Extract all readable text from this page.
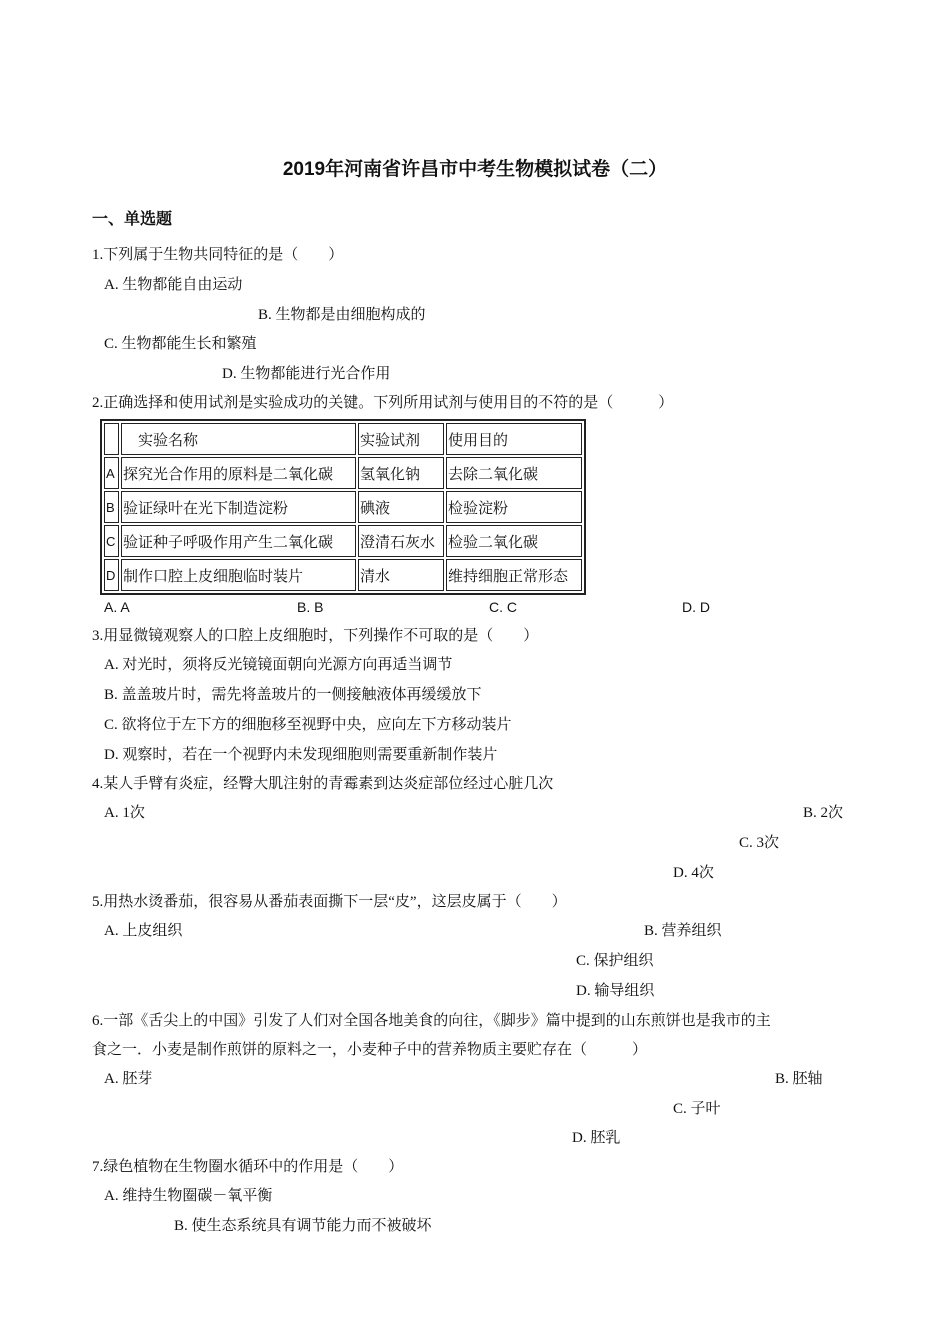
2019年河南省许昌市中考生物模拟试卷（二）
一、单选题
1.下列属于生物共同特征的是（　　）
A. 生物都能自由运动
B. 生物都是由细胞构成的
C. 生物都能生长和繁殖
D. 生物都能进行光合作用
2.正确选择和使用试剂是实验成功的关键。下列所用试剂与使用目的不符的是（　　　）
	实验名称	实验试剂	使用目的
A	探究光合作用的原料是二氧化碳	氢氧化钠	去除二氧化碳
B	验证绿叶在光下制造淀粉	碘液	检验淀粉
C	验证种子呼吸作用产生二氧化碳	澄清石灰水	检验二氧化碳
D	制作口腔上皮细胞临时装片	清水	维持细胞正常形态
A. A	B. B	C. C	D. D
3.用显微镜观察人的口腔上皮细胞时，下列操作不可取的是（　　）
A. 对光时，须将反光镜镜面朝向光源方向再适当调节
B. 盖盖玻片时，需先将盖玻片的一侧接触液体再缓缓放下
C. 欲将位于左下方的细胞移至视野中央，应向左下方移动装片
D. 观察时，若在一个视野内未发现细胞则需要重新制作装片
4.某人手臂有炎症，经臀大肌注射的青霉素到达炎症部位经过心脏几次
A. 1次	B. 2次
C. 3次
D. 4次
5.用热水烫番茄，很容易从番茄表面撕下一层“皮”，这层皮属于（　　）
A. 上皮组织	B. 营养组织
C. 保护组织
D. 输导组织
6.一部《舌尖上的中国》引发了人们对全国各地美食的向往，《脚步》篇中提到的山东煎饼也是我市的主
食之一．小麦是制作煎饼的原料之一，小麦种子中的营养物质主要贮存在（　　　）
A. 胚芽	B. 胚轴
C. 子叶
D. 胚乳
7.绿色植物在生物圈水循环中的作用是（　　）
A. 维持生物圈碳－氧平衡
B. 使生态系统具有调节能力而不被破坏
